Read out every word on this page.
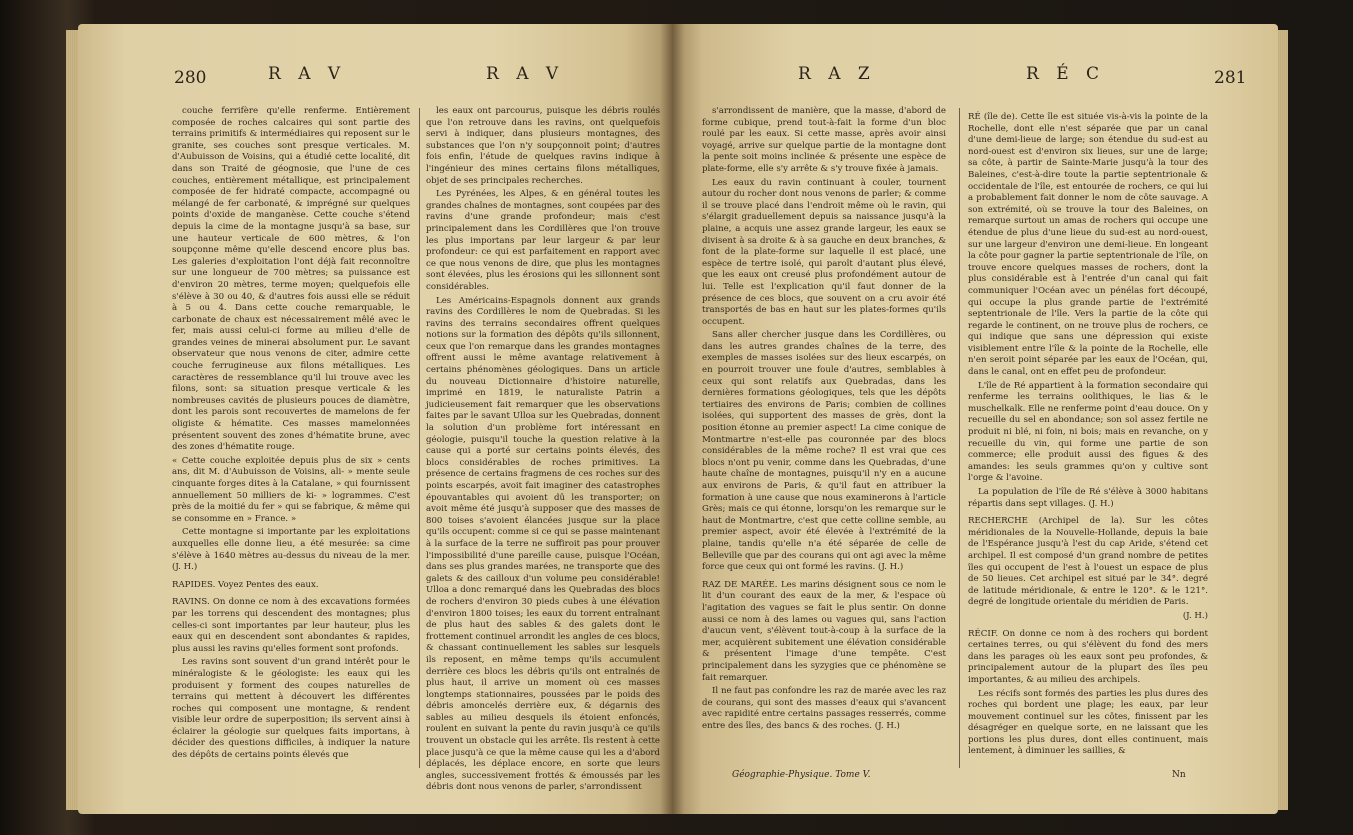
280	R A V	R A V

couche ferrifère qu'elle renferme. Entièrement composée de roches calcaires qui sont partie des terrains primitifs & intermédiaires qui reposent sur le granite, ses couches sont presque verticales. M. d'Aubuisson de Voisins, qui a étudié cette localité, dit dans son Traité de géognosie, que l'une de ces couches, entièrement métallique, est principalement composée de fer hidraté compacte, accompagné ou mélangé de fer carbonaté, & imprégné sur quelques points d'oxide de manganèse. Cette couche s'étend depuis la cime de la montagne jusqu'à sa base, sur une hauteur verticale de 600 mètres, & l'on soupçonne même qu'elle descend encore plus bas. Les galeries d'exploitation l'ont déjà fait reconnoître sur une longueur de 700 mètres; sa puissance est d'environ 20 mètres, terme moyen; quelquefois elle s'élève à 30 ou 40, & d'autres fois aussi elle se réduit à 5 ou 4. Dans cette couche remarquable, le carbonate de chaux est nécessairement mêlé avec le fer, mais aussi celui-ci forme au milieu d'elle de grandes veines de minerai absolument pur. Le savant observateur que nous venons de citer, admire cette couche ferrugineuse aux filons métalliques. Les caractères de ressemblance qu'il lui trouve avec les filons, sont: sa situation presque verticale & les nombreuses cavités de plusieurs pouces de diamètre, dont les parois sont recouvertes de mamelons de fer oligiste & hématite. Ces masses mamelonnées présentent souvent des zones d'hématite brune, avec des zones d'hématite rouge.

« Cette couche exploitée depuis plus de six » cents ans, dit M. d'Aubuisson de Voisins, ali- » mente seule cinquante forges dites à la Catalane, » qui fournissent annuellement 50 milliers de ki- » logrammes. C'est près de la moitié du fer » qui se fabrique, & même qui se consomme en » France. »

Cette montagne si importante par les exploitations auxquelles elle donne lieu, a été mesurée: sa cime s'élève à 1640 mètres au-dessus du niveau de la mer. (J. H.)

RAPIDES. Voyez Pentes des eaux.

RAVINS. On donne ce nom à des excavations formées par les torrens qui descendent des montagnes; plus celles-ci sont importantes par leur hauteur, plus les eaux qui en descendent sont abondantes & rapides, plus aussi les ravins qu'elles forment sont profonds.

Les ravins sont souvent d'un grand intérêt pour le minéralogiste & le géologiste: les eaux qui les produisent y forment des coupes naturelles de terrains qui mettent à découvert les différentes roches qui composent une montagne, & rendent visible leur ordre de superposition; ils servent ainsi à éclairer la géologie sur quelques faits importans, à décider des questions difficiles, à indiquer la nature des dépôts de certains points élevés que

les eaux ont parcourus, puisque les débris roulés que l'on retrouve dans les ravins, ont quelquefois servi à indiquer, dans plusieurs montagnes, des substances que l'on n'y soupçonnoit point; d'autres fois enfin, l'étude de quelques ravins indique à l'ingénieur des mines certains filons métalliques, objet de ses principales recherches.

Les Pyrénées, les Alpes, & en général toutes les grandes chaînes de montagnes, sont coupées par des ravins d'une grande profondeur; mais c'est principalement dans les Cordillères que l'on trouve les plus importans par leur largeur & par leur profondeur: ce qui est parfaitement en rapport avec ce que nous venons de dire, que plus les montagnes sont élevées, plus les érosions qui les sillonnent sont considérables.

Les Américains-Espagnols donnent aux grands ravins des Cordillères le nom de Quebradas. Si les ravins des terrains secondaires offrent quelques notions sur la formation des dépôts qu'ils sillonnent, ceux que l'on remarque dans les grandes montagnes offrent aussi le même avantage relativement à certains phénomènes géologiques. Dans un article du nouveau Dictionnaire d'histoire naturelle, imprimé en 1819, le naturaliste Patrin a judicieusement fait remarquer que les observations faites par le savant Ulloa sur les Quebradas, donnent la solution d'un problème fort intéressant en géologie, puisqu'il touche la question relative à la cause qui a porté sur certains points élevés, des blocs considérables de roches primitives. La présence de certains fragmens de ces roches sur des points escarpés, avoit fait imaginer des catastrophes épouvantables qui avoient dû les transporter; on avoit même été jusqu'à supposer que des masses de 800 toises s'avoient élancées jusque sur la place qu'ils occupent: comme si ce qui se passe maintenant à la surface de la terre ne suffiroit pas pour prouver l'impossibilité d'une pareille cause, puisque l'Océan, dans ses plus grandes marées, ne transporte que des galets & des cailloux d'un volume peu considérable! Ulloa a donc remarqué dans les Quebradas des blocs de rochers d'environ 30 pieds cubes à une élévation d'environ 1800 toises; les eaux du torrent entraînant de plus haut des sables & des galets dont le frottement continuel arrondit les angles de ces blocs, & chassant continuellement les sables sur lesquels ils reposent, en même temps qu'ils accumulent derrière ces blocs les débris qu'ils ont entraînés de plus haut, il arrive un moment où ces masses longtemps stationnaires, poussées par le poids des débris amoncelés derrière eux, & dégarnis des sables au milieu desquels ils étoient enfoncés, roulent en suivant la pente du ravin jusqu'à ce qu'ils trouvent un obstacle qui les arrête. Ils restent à cette place jusqu'à ce que la même cause qui les a d'abord déplacés, les déplace encore, en sorte que leurs angles, successivement frottés & émoussés par les débris dont nous venons de parler, s'arrondissent

R A Z	R É C	281

s'arrondissent de manière, que la masse, d'abord de forme cubique, prend tout-à-fait la forme d'un bloc roulé par les eaux. Si cette masse, après avoir ainsi voyagé, arrive sur quelque partie de la montagne dont la pente soit moins inclinée & présente une espèce de plate-forme, elle s'y arrête & s'y trouve fixée à jamais.

Les eaux du ravin continuant à couler, tournent autour du rocher dont nous venons de parler; & comme il se trouve placé dans l'endroit même où le ravin, qui s'élargit graduellement depuis sa naissance jusqu'à la plaine, a acquis une assez grande largeur, les eaux se divisent à sa droite & à sa gauche en deux branches, & font de la plate-forme sur laquelle il est placé, une espèce de tertre isolé, qui paroît d'autant plus élevé, que les eaux ont creusé plus profondément autour de lui. Telle est l'explication qu'il faut donner de la présence de ces blocs, que souvent on a cru avoir été transportés de bas en haut sur les plates-formes qu'ils occupent.

Sans aller chercher jusque dans les Cordillères, ou dans les autres grandes chaînes de la terre, des exemples de masses isolées sur des lieux escarpés, on en pourroit trouver une foule d'autres, semblables à ceux qui sont relatifs aux Quebradas, dans les dernières formations géologiques, tels que les dépôts tertiaires des environs de Paris; combien de collines isolées, qui supportent des masses de grès, dont la position étonne au premier aspect! La cime conique de Montmartre n'est-elle pas couronnée par des blocs considérables de la même roche? Il est vrai que ces blocs n'ont pu venir, comme dans les Quebradas, d'une haute chaîne de montagnes, puisqu'il n'y en a aucune aux environs de Paris, & qu'il faut en attribuer la formation à une cause que nous examinerons à l'article Grès; mais ce qui étonne, lorsqu'on les remarque sur le haut de Montmartre, c'est que cette colline semble, au premier aspect, avoir été élevée à l'extrémité de la plaine, tandis qu'elle n'a été séparée de celle de Belleville que par des courans qui ont agi avec la même force que ceux qui ont formé les ravins. (J. H.)

RAZ DE MARÉE. Les marins désignent sous ce nom le lit d'un courant des eaux de la mer, & l'espace où l'agitation des vagues se fait le plus sentir. On donne aussi ce nom à des lames ou vagues qui, sans l'action d'aucun vent, s'élèvent tout-à-coup à la surface de la mer, acquièrent subitement une élévation considérable & présentent l'image d'une tempête. C'est principalement dans les syzygies que ce phénomène se fait remarquer.

Il ne faut pas confondre les raz de marée avec les raz de courans, qui sont des masses d'eaux qui s'avancent avec rapidité entre certains passages resserrés, comme entre des îles, des bancs & des roches. (J. H.)

RÉ (île de). Cette île est située vis-à-vis la pointe de la Rochelle, dont elle n'est séparée que par un canal d'une demi-lieue de large; son étendue du sud-est au nord-ouest est d'environ six lieues, sur une de large; sa côte, à partir de Sainte-Marie jusqu'à la tour des Baleines, c'est-à-dire toute la partie septentrionale & occidentale de l'île, est entourée de rochers, ce qui lui a probablement fait donner le nom de côte sauvage. A son extrémité, où se trouve la tour des Baleines, on remarque surtout un amas de rochers qui occupe une étendue de plus d'une lieue du sud-est au nord-ouest, sur une largeur d'environ une demi-lieue. En longeant la côte pour gagner la partie septentrionale de l'île, on trouve encore quelques masses de rochers, dont la plus considérable est à l'entrée d'un canal qui fait communiquer l'Océan avec un pénélas fort découpé, qui occupe la plus grande partie de l'extrémité septentrionale de l'île. Vers la partie de la côte qui regarde le continent, on ne trouve plus de rochers, ce qui indique que sans une dépression qui existe visiblement entre l'île & la pointe de la Rochelle, elle n'en seroit point séparée par les eaux de l'Océan, qui, dans le canal, ont en effet peu de profondeur.

L'île de Ré appartient à la formation secondaire qui renferme les terrains oolithiques, le lias & le muschelkalk. Elle ne renferme point d'eau douce. On y recueille du sel en abondance; son sol assez fertile ne produit ni blé, ni foin, ni bois; mais en revanche, on y recueille du vin, qui forme une partie de son commerce; elle produit aussi des figues & des amandes: les seuls grammes qu'on y cultive sont l'orge & l'avoine.

La population de l'île de Ré s'élève à 3000 habitans répartis dans sept villages. (J. H.)

RECHERCHE (Archipel de la). Sur les côtes méridionales de la Nouvelle-Hollande, depuis la baie de l'Espérance jusqu'à l'est du cap Aride, s'étend cet archipel. Il est composé d'un grand nombre de petites îles qui occupent de l'est à l'ouest un espace de plus de 50 lieues. Cet archipel est situé par le 34°. degré de latitude méridionale, & entre le 120°. & le 121°. degré de longitude orientale du méridien de Paris.

(J. H.)

RÉCIF. On donne ce nom à des rochers qui bordent certaines terres, ou qui s'élèvent du fond des mers dans les parages où les eaux sont peu profondes, & principalement autour de la plupart des îles peu importantes, & au milieu des archipels.

Les récifs sont formés des parties les plus dures des roches qui bordent une plage; les eaux, par leur mouvement continuel sur les côtes, finissent par les désagréger en quelque sorte, en ne laissant que les portions les plus dures, dont elles continuent, mais lentement, à diminuer les saillies, &

Géographie-Physique. Tome V.	Nn
